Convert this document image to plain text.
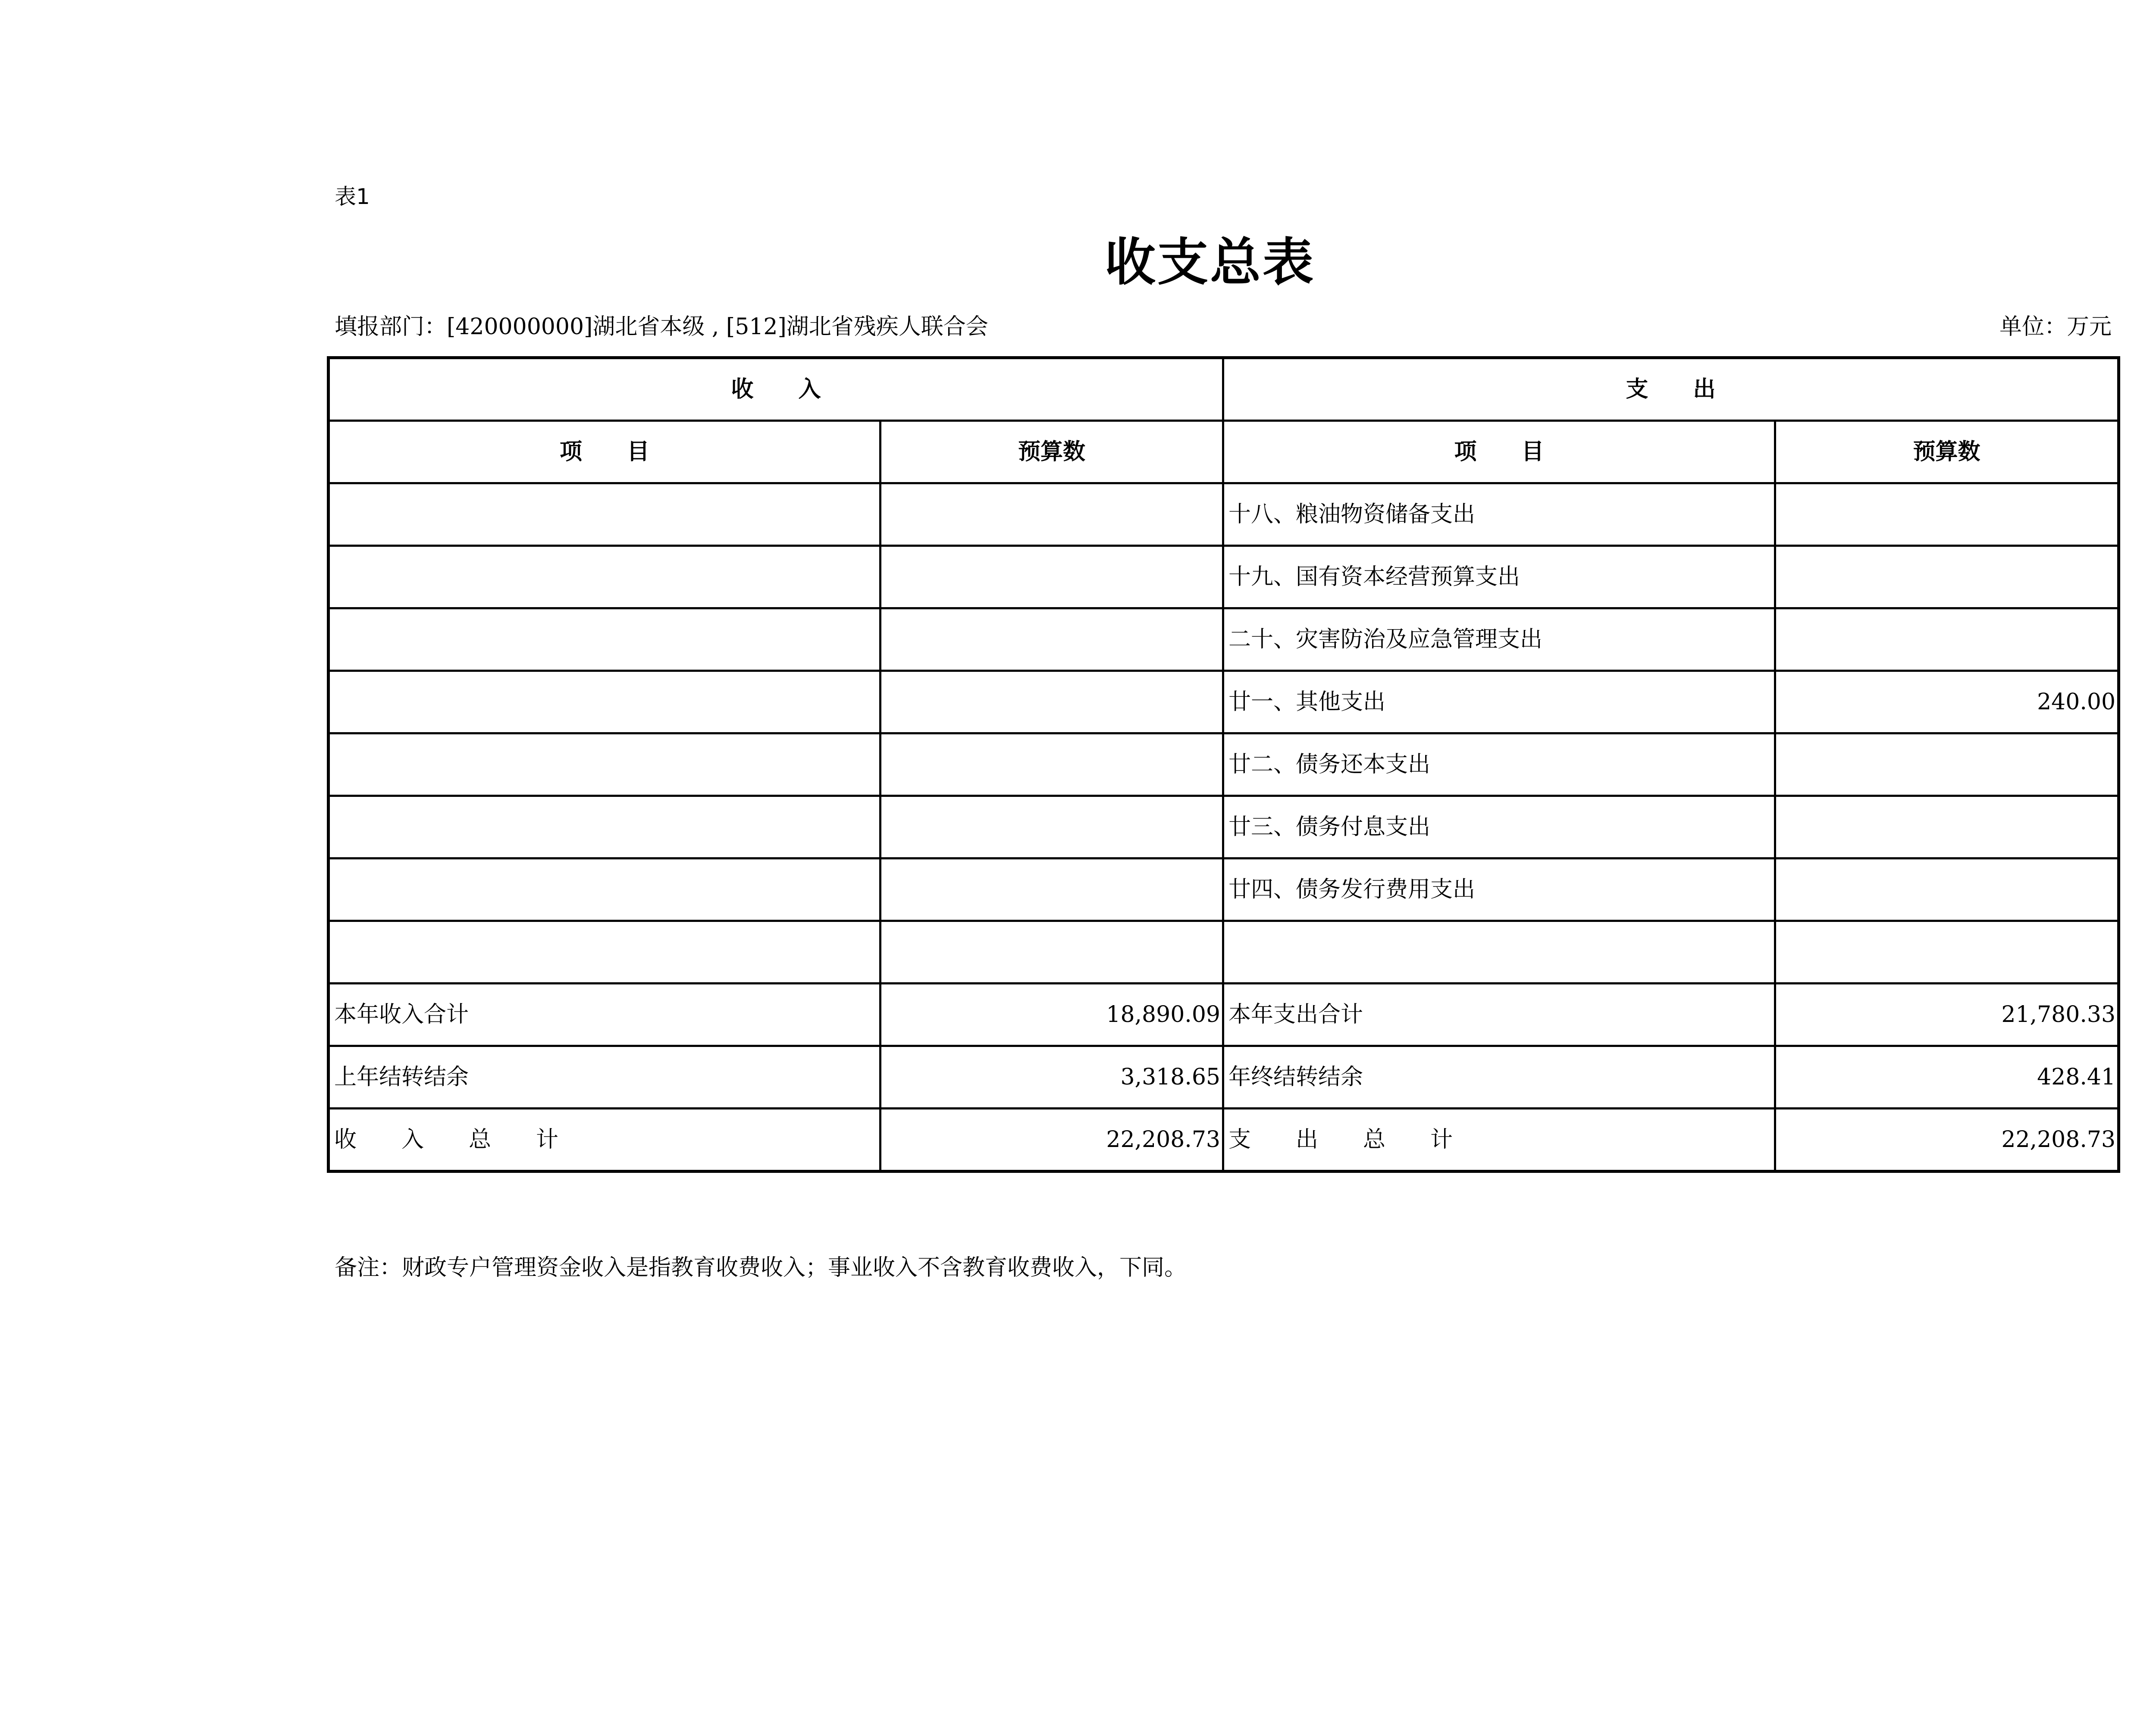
表1
收支总表
填报部门：[420000000]湖北省本级 , [512]湖北省残疾人联合会	单位：万元
收　　入		支　　出	
项　　目	预算数	项　　目	预算数
		十八、粮油物资储备支出	
		十九、国有资本经营预算支出	
		二十、灾害防治及应急管理支出	
		廿一、其他支出	240.00
		廿二、债务还本支出	
		廿三、债务付息支出	
		廿四、债务发行费用支出	

本年收入合计	18,890.09	本年支出合计	21,780.33
上年结转结余	3,318.65	年终结转结余	428.41
收　　入　　总　　计	22,208.73	支　　出　　总　　计	22,208.73
备注：财政专户管理资金收入是指教育收费收入；事业收入不含教育收费收入，下同。
